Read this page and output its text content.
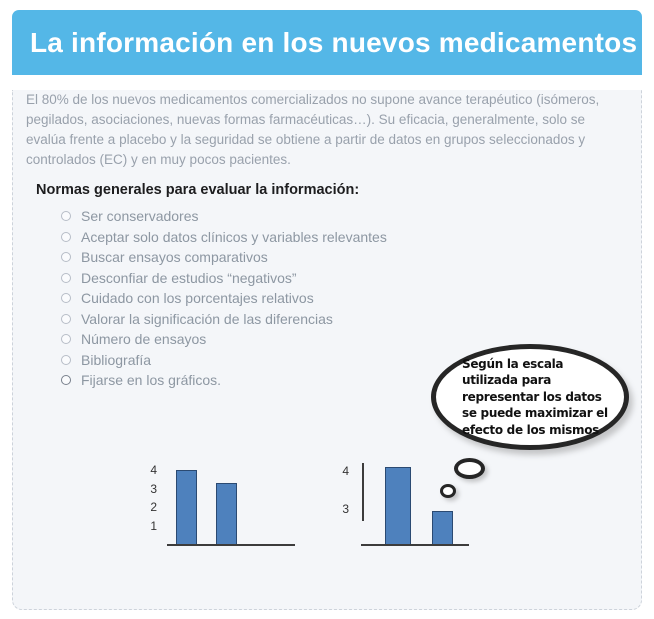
La información en los nuevos medicamentos

El 80% de los nuevos medicamentos comercializados no supone avance terapéutico (isómeros, pegilados, asociaciones, nuevas formas farmacéuticas…). Su eficacia, generalmente, solo se evalúa frente a placebo y la seguridad se obtiene a partir de datos en grupos seleccionados y controlados (EC) y en muy pocos pacientes.

Normas generales para evaluar la información:
Ser conservadores
Aceptar solo datos clínicos y variables relevantes
Buscar ensayos comparativos
Desconfiar de estudios “negativos”
Cuidado con los porcentajes relativos
Valorar la significación de las diferencias
Número de ensayos
Bibliografía
Fijarse en los gráficos.
Según la escala utilizada para representar los datos se puede maximizar el efecto de los mismos
4
3
2
1
4
3
